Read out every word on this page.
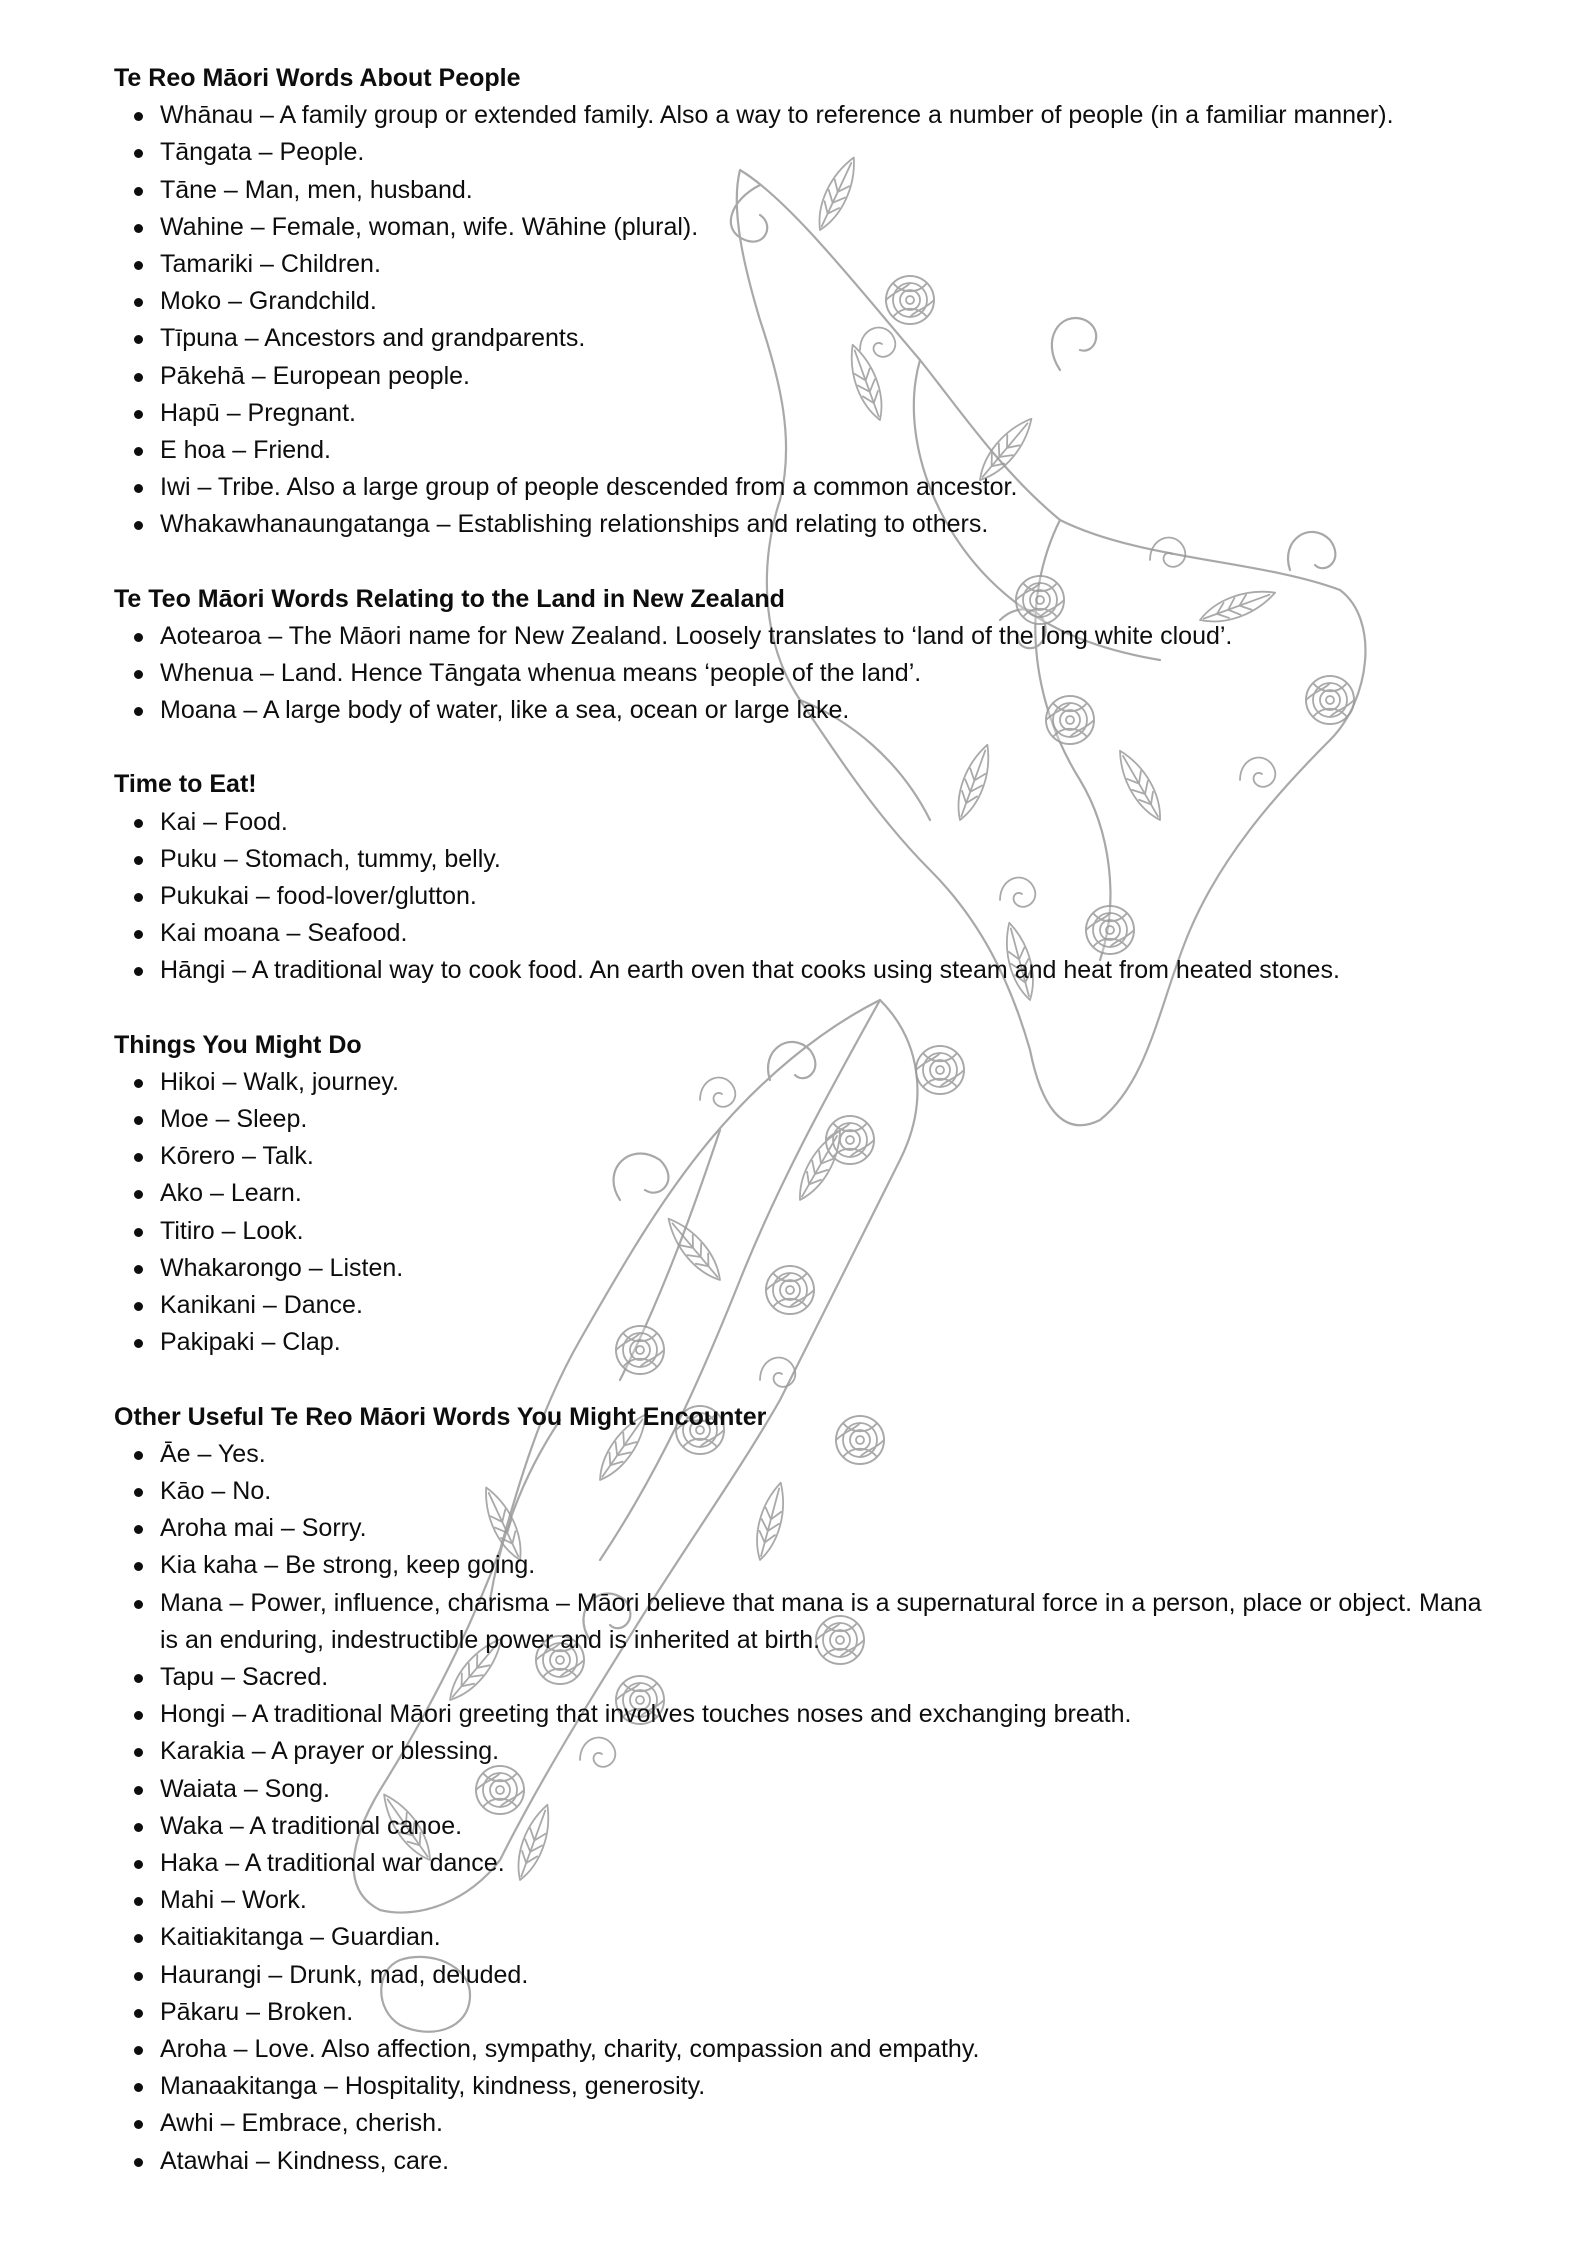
Te Reo Māori Words About People
Whānau – A family group or extended family. Also a way to reference a number of people (in a familiar manner).
Tāngata – People.
Tāne – Man, men, husband.
Wahine – Female, woman, wife. Wāhine (plural).
Tamariki – Children.
Moko – Grandchild.
Tīpuna – Ancestors and grandparents.
Pākehā – European people.
Hapū – Pregnant.
E hoa – Friend.
Iwi – Tribe. Also a large group of people descended from a common ancestor.
Whakawhanaungatanga – Establishing relationships and relating to others.
Te Teo Māori Words Relating to the Land in New Zealand
Aotearoa – The Māori name for New Zealand. Loosely translates to ‘land of the long white cloud’.
Whenua – Land. Hence Tāngata whenua means ‘people of the land’.
Moana – A large body of water, like a sea, ocean or large lake.
Time to Eat!
Kai – Food.
Puku – Stomach, tummy, belly.
Pukukai – food-lover/glutton.
Kai moana – Seafood.
Hāngi – A traditional way to cook food. An earth oven that cooks using steam and heat from heated stones.
Things You Might Do
Hikoi – Walk, journey.
Moe – Sleep.
Kōrero – Talk.
Ako – Learn.
Titiro – Look.
Whakarongo – Listen.
Kanikani – Dance.
Pakipaki – Clap.
Other Useful Te Reo Māori Words You Might Encounter
Āe – Yes.
Kāo – No.
Aroha mai – Sorry.
Kia kaha – Be strong, keep going.
Mana – Power, influence, charisma – Māori believe that mana is a supernatural force in a person, place or object. Mana is an enduring, indestructible power and is inherited at birth.
Tapu – Sacred.
Hongi – A traditional Māori greeting that involves touches noses and exchanging breath.
Karakia – A prayer or blessing.
Waiata – Song.
Waka – A traditional canoe.
Haka – A traditional war dance.
Mahi – Work.
Kaitiakitanga – Guardian.
Haurangi – Drunk, mad, deluded.
Pākaru – Broken.
Aroha – Love. Also affection, sympathy, charity, compassion and empathy.
Manaakitanga – Hospitality, kindness, generosity.
Awhi – Embrace, cherish.
Atawhai – Kindness, care.
